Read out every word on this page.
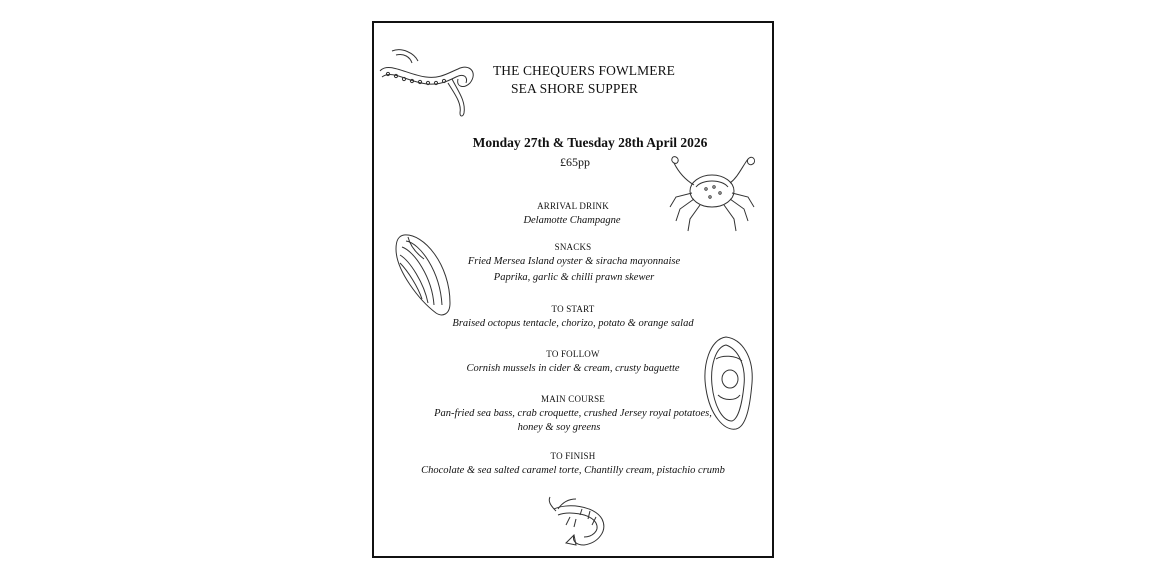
THE CHEQUERS FOWLMERE
SEA SHORE SUPPER
Monday 27th & Tuesday 28th April 2026
£65pp
ARRIVAL DRINK
Delamotte Champagne
SNACKS
Fried Mersea Island oyster & siracha mayonnaise
Paprika, garlic & chilli prawn skewer
TO START
Braised octopus tentacle, chorizo, potato & orange salad
TO FOLLOW
Cornish mussels in cider & cream, crusty baguette
MAIN COURSE
Pan-fried sea bass, crab croquette, crushed Jersey royal potatoes,
honey & soy greens
TO FINISH
Chocolate & sea salted caramel torte, Chantilly cream, pistachio crumb
